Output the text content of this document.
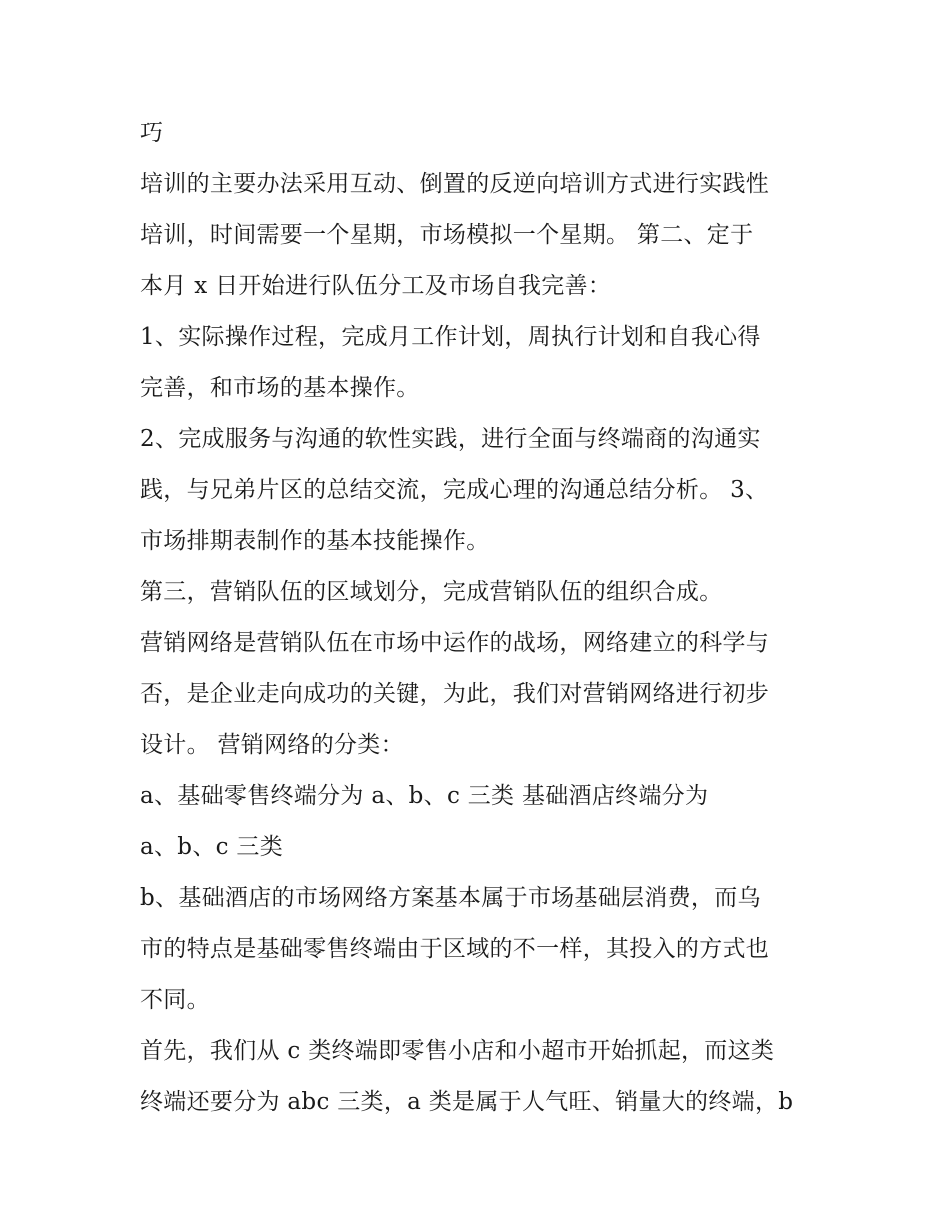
巧
培训的主要办法采用互动、倒置的反逆向培训方式进行实践性
培训，时间需要一个星期，市场模拟一个星期。 第二、定于
本月 x 日开始进行队伍分工及市场自我完善：
1、实际操作过程，完成月工作计划，周执行计划和自我心得
完善，和市场的基本操作。
2、完成服务与沟通的软性实践，进行全面与终端商的沟通实
践，与兄弟片区的总结交流，完成心理的沟通总结分析。 3、
市场排期表制作的基本技能操作。
第三，营销队伍的区域划分，完成营销队伍的组织合成。
营销网络是营销队伍在市场中运作的战场，网络建立的科学与
否，是企业走向成功的关键，为此，我们对营销网络进行初步
设计。 营销网络的分类：
a、基础零售终端分为 a、b、c 三类 基础酒店终端分为
a、b、c 三类
b、基础酒店的市场网络方案基本属于市场基础层消费，而乌
市的特点是基础零售终端由于区域的不一样，其投入的方式也
不同。
首先，我们从 c 类终端即零售小店和小超市开始抓起，而这类
终端还要分为 abc 三类，a 类是属于人气旺、销量大的终端，b
